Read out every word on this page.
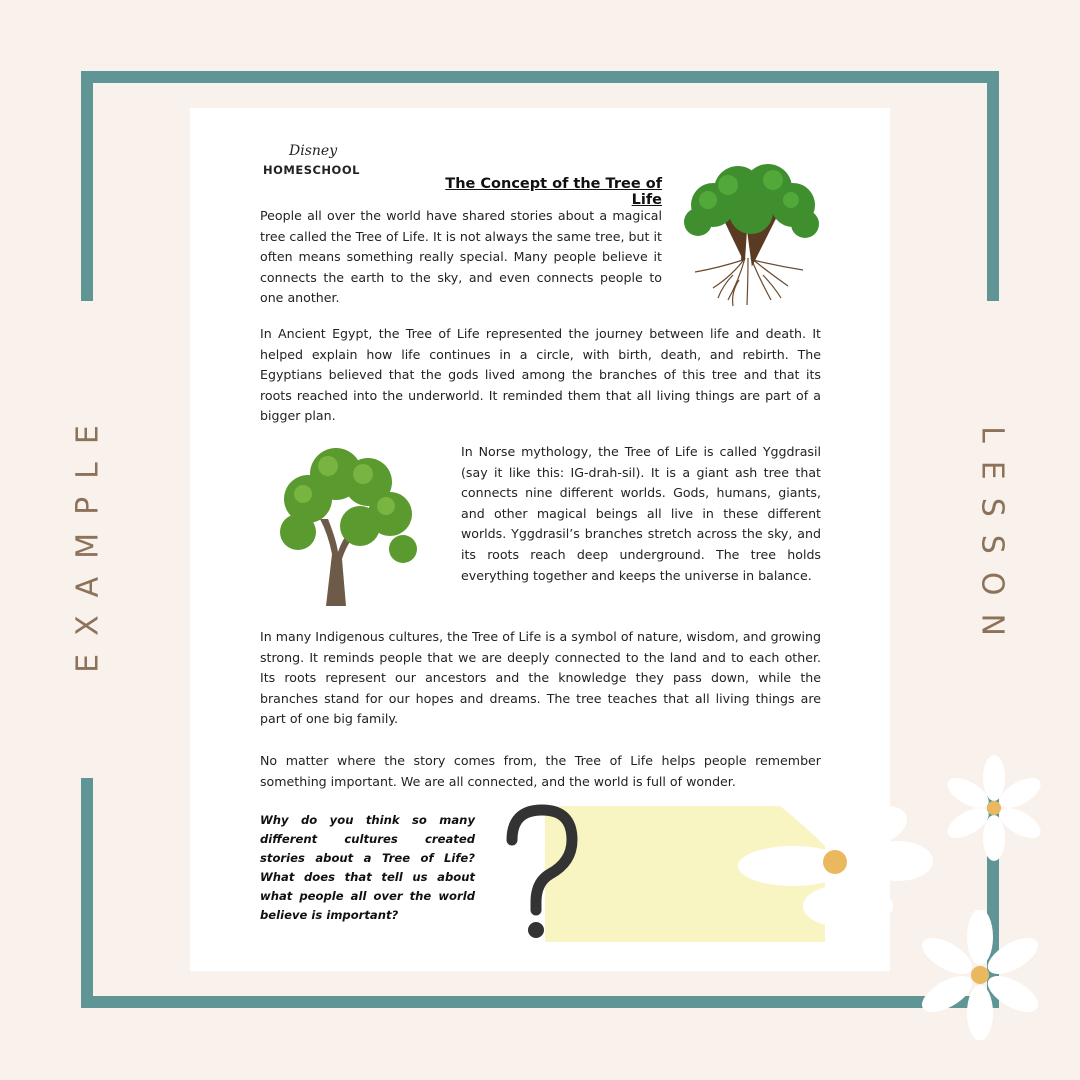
EXAMPLE	LESSON
Disney
HOMESCHOOL
The Concept of the Tree of Life

People all over the world have shared stories about a magical tree called the Tree of Life. It is not always the same tree, but it often means something really special. Many people believe it connects the earth to the sky, and even connects people to one another.

In Ancient Egypt, the Tree of Life represented the journey between life and death. It helped explain how life continues in a circle, with birth, death, and rebirth. The Egyptians believed that the gods lived among the branches of this tree and that its roots reached into the underworld. It reminded them that all living things are part of a bigger plan.

In Norse mythology, the Tree of Life is called Yggdrasil (say it like this: IG-drah-sil). It is a giant ash tree that connects nine different worlds. Gods, humans, giants, and other magical beings all live in these different worlds. Yggdrasil’s branches stretch across the sky, and its roots reach deep underground. The tree holds everything together and keeps the universe in balance.

In many Indigenous cultures, the Tree of Life is a symbol of nature, wisdom, and growing strong. It reminds people that we are deeply connected to the land and to each other. Its roots represent our ancestors and the knowledge they pass down, while the branches stand for our hopes and dreams. The tree teaches that all living things are part of one big family.

No matter where the story comes from, the Tree of Life helps people remember something important. We are all connected, and the world is full of wonder.

Why do you think so many different cultures created stories about a Tree of Life? What does that tell us about what people all over the world believe is important?
